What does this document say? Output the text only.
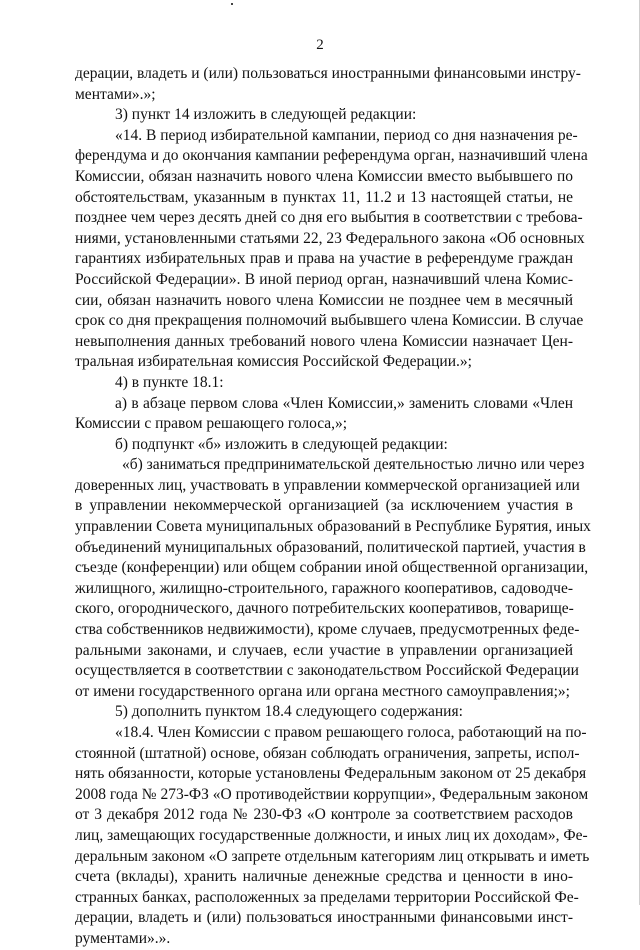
2
дерации, владеть и (или) пользоваться иностранными финансовыми инстру-
ментами».»;
3) пункт 14 изложить в следующей редакции:
«14. В период избирательной кампании, период со дня назначения ре-
ферендума и до окончания кампании референдума орган, назначивший члена
Комиссии, обязан назначить нового члена Комиссии вместо выбывшего по
обстоятельствам, указанным в пунктах 11, 11.2 и 13 настоящей статьи, не
позднее чем через десять дней со дня его выбытия в соответствии с требова-
ниями, установленными статьями 22, 23 Федерального закона «Об основных
гарантиях избирательных прав и права на участие в референдуме граждан
Российской Федерации». В иной период орган, назначивший члена Комис-
сии, обязан назначить нового члена Комиссии не позднее чем в месячный
срок со дня прекращения полномочий выбывшего члена Комиссии. В случае
невыполнения данных требований нового члена Комиссии назначает Цен-
тральная избирательная комиссия Российской Федерации.»;
4) в пункте 18.1:
а) в абзаце первом слова «Член Комиссии,» заменить словами «Член
Комиссии с правом решающего голоса,»;
б) подпункт «б» изложить в следующей редакции:
«б) заниматься предпринимательской деятельностью лично или через
доверенных лиц, участвовать в управлении коммерческой организацией или
в управлении некоммерческой организацией (за исключением участия в
управлении Совета муниципальных образований в Республике Бурятия, иных
объединений муниципальных образований, политической партией, участия в
съезде (конференции) или общем собрании иной общественной организации,
жилищного, жилищно-строительного, гаражного кооперативов, садоводче-
ского, огороднического, дачного потребительских кооперативов, товарище-
ства собственников недвижимости), кроме случаев, предусмотренных феде-
ральными законами, и случаев, если участие в управлении организацией
осуществляется в соответствии с законодательством Российской Федерации
от имени государственного органа или органа местного самоуправления;»;
5) дополнить пунктом 18.4 следующего содержания:
«18.4. Член Комиссии с правом решающего голоса, работающий на по-
стоянной (штатной) основе, обязан соблюдать ограничения, запреты, испол-
нять обязанности, которые установлены Федеральным законом от 25 декабря
2008 года № 273-ФЗ «О противодействии коррупции», Федеральным законом
от 3 декабря 2012 года № 230-ФЗ «О контроле за соответствием расходов
лиц, замещающих государственные должности, и иных лиц их доходам», Фе-
деральным законом «О запрете отдельным категориям лиц открывать и иметь
счета (вклады), хранить наличные денежные средства и ценности в ино-
странных банках, расположенных за пределами территории Российской Фе-
дерации, владеть и (или) пользоваться иностранными финансовыми инст-
рументами».».
